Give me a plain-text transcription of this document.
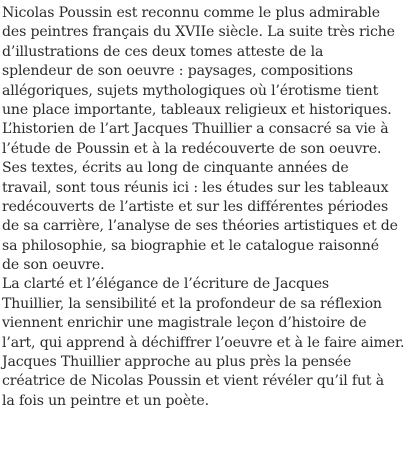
Nicolas Poussin est reconnu comme le plus admirable
des peintres français du XVIIe siècle. La suite très riche
d’illustrations de ces deux tomes atteste de la
splendeur de son oeuvre : paysages, compositions
allégoriques, sujets mythologiques où l’érotisme tient
une place importante, tableaux religieux et historiques.
L’historien de l’art Jacques Thuillier a consacré sa vie à
l’étude de Poussin et à la redécouverte de son oeuvre.
Ses textes, écrits au long de cinquante années de
travail, sont tous réunis ici : les études sur les tableaux
redécouverts de l’artiste et sur les différentes périodes
de sa carrière, l’analyse de ses théories artistiques et de
sa philosophie, sa biographie et le catalogue raisonné
de son oeuvre.
La clarté et l’élégance de l’écriture de Jacques
Thuillier, la sensibilité et la profondeur de sa réflexion
viennent enrichir une magistrale leçon d’histoire de
l’art, qui apprend à déchiffrer l’oeuvre et à le faire aimer.
Jacques Thuillier approche au plus près la pensée
créatrice de Nicolas Poussin et vient révéler qu’il fut à
la fois un peintre et un poète.
